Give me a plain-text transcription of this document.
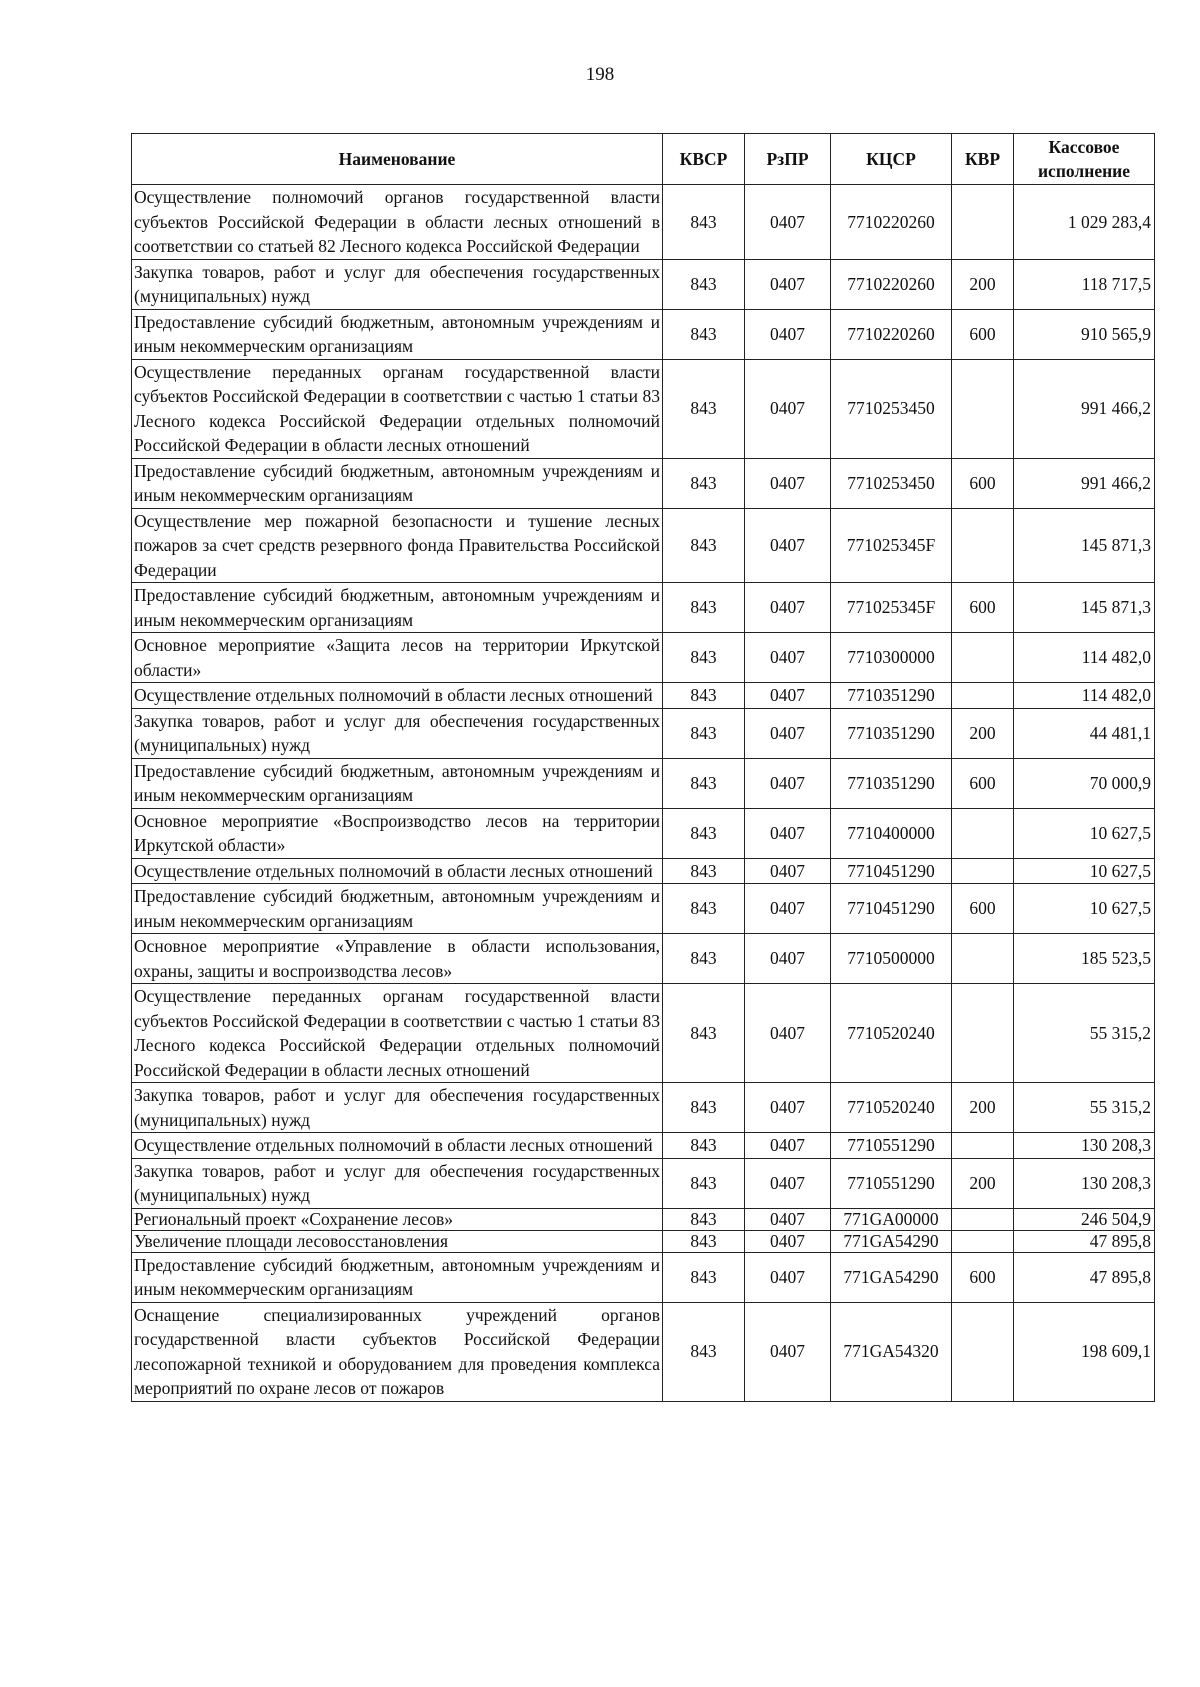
198
Наименование	КВСР	РзПР	КЦСР	КВР	Кассовое исполнение
Осуществление полномочий органов государственной власти субъектов Российской Федерации в области лесных отношений в соответствии со статьей 82 Лесного кодекса Российской Федерации	843	0407	7710220260		1 029 283,4
Закупка товаров, работ и услуг для обеспечения государственных (муниципальных) нужд	843	0407	7710220260	200	118 717,5
Предоставление субсидий бюджетным, автономным учреждениям и иным некоммерческим организациям	843	0407	7710220260	600	910 565,9
Осуществление переданных органам государственной власти субъектов Российской Федерации в соответствии с частью 1 статьи 83 Лесного кодекса Российской Федерации отдельных полномочий Российской Федерации в области лесных отношений	843	0407	7710253450		991 466,2
Предоставление субсидий бюджетным, автономным учреждениям и иным некоммерческим организациям	843	0407	7710253450	600	991 466,2
Осуществление мер пожарной безопасности и тушение лесных пожаров за счет средств резервного фонда Правительства Российской Федерации	843	0407	771025345F		145 871,3
Предоставление субсидий бюджетным, автономным учреждениям и иным некоммерческим организациям	843	0407	771025345F	600	145 871,3
Основное мероприятие «Защита лесов на территории Иркутской области»	843	0407	7710300000		114 482,0
Осуществление отдельных полномочий в области лесных отношений	843	0407	7710351290		114 482,0
Закупка товаров, работ и услуг для обеспечения государственных (муниципальных) нужд	843	0407	7710351290	200	44 481,1
Предоставление субсидий бюджетным, автономным учреждениям и иным некоммерческим организациям	843	0407	7710351290	600	70 000,9
Основное мероприятие «Воспроизводство лесов на территории Иркутской области»	843	0407	7710400000		10 627,5
Осуществление отдельных полномочий в области лесных отношений	843	0407	7710451290		10 627,5
Предоставление субсидий бюджетным, автономным учреждениям и иным некоммерческим организациям	843	0407	7710451290	600	10 627,5
Основное мероприятие «Управление в области использования, охраны, защиты и воспроизводства лесов»	843	0407	7710500000		185 523,5
Осуществление переданных органам государственной власти субъектов Российской Федерации в соответствии с частью 1 статьи 83 Лесного кодекса Российской Федерации отдельных полномочий Российской Федерации в области лесных отношений	843	0407	7710520240		55 315,2
Закупка товаров, работ и услуг для обеспечения государственных (муниципальных) нужд	843	0407	7710520240	200	55 315,2
Осуществление отдельных полномочий в области лесных отношений	843	0407	7710551290		130 208,3
Закупка товаров, работ и услуг для обеспечения государственных (муниципальных) нужд	843	0407	7710551290	200	130 208,3
Региональный проект «Сохранение лесов»	843	0407	771GA00000		246 504,9
Увеличение площади лесовосстановления	843	0407	771GA54290		47 895,8
Предоставление субсидий бюджетным, автономным учреждениям и иным некоммерческим организациям	843	0407	771GA54290	600	47 895,8
Оснащение специализированных учреждений органов государственной власти субъектов Российской Федерации лесопожарной техникой и оборудованием для проведения комплекса мероприятий по охране лесов от пожаров	843	0407	771GA54320		198 609,1
